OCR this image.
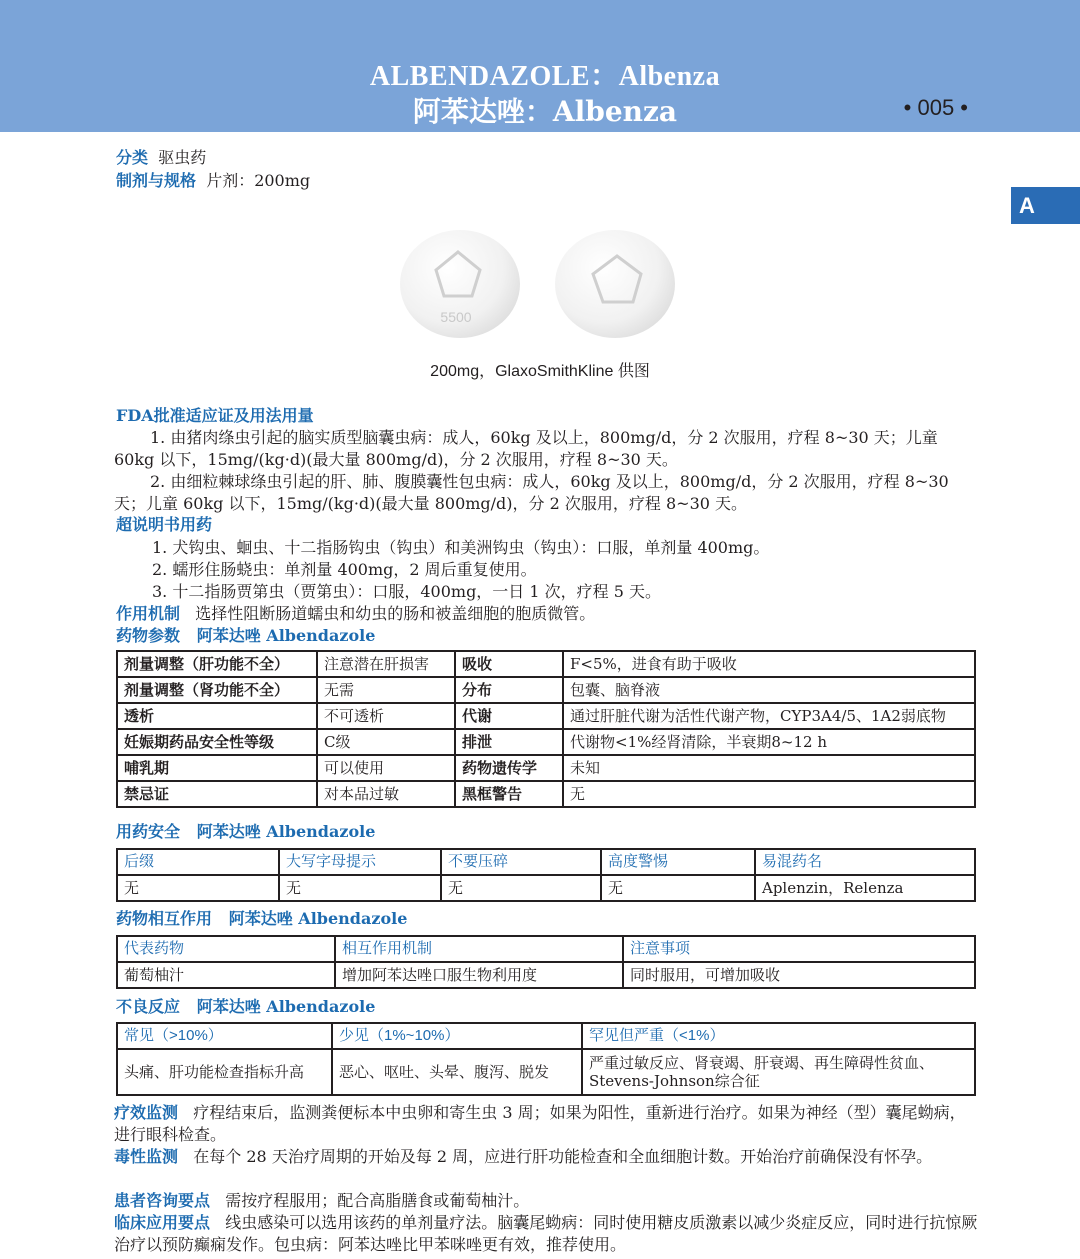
ALBENDAZOLE：Albenza
阿苯达唑：Albenza	• 005 •
A
分类 驱虫药
制剂与规格 片剂：200mg
5500
200mg，GlaxoSmithKline 供图
FDA批准适应证及用法用量
1. 由猪肉绦虫引起的脑实质型脑囊虫病：成人，60kg 及以上，800mg/d，分 2 次服用，疗程 8~30 天；儿童 60kg 以下，15mg/(kg·d)(最大量 800mg/d)，分 2 次服用，疗程 8~30 天。
2. 由细粒棘球绦虫引起的肝、肺、腹膜囊性包虫病：成人，60kg 及以上，800mg/d，分 2 次服用，疗程 8~30 天；儿童 60kg 以下，15mg/(kg·d)(最大量 800mg/d)，分 2 次服用，疗程 8~30 天。
超说明书用药
1. 犬钩虫、蛔虫、十二指肠钩虫（钩虫）和美洲钩虫（钩虫）：口服，单剂量 400mg。
2. 蠕形住肠蛲虫：单剂量 400mg，2 周后重复使用。
3. 十二指肠贾第虫（贾第虫）：口服，400mg，一日 1 次，疗程 5 天。
作用机制 选择性阻断肠道蠕虫和幼虫的肠和被盖细胞的胞质微管。
药物参数 阿苯达唑 Albendazole
剂量调整（肝功能不全）	注意潜在肝损害	吸收	F<5%，进食有助于吸收
剂量调整（肾功能不全）	无需	分布	包囊、脑脊液
透析	不可透析	代谢	通过肝脏代谢为活性代谢产物，CYP3A4/5、1A2弱底物
妊娠期药品安全性等级	C级	排泄	代谢物<1%经肾清除，半衰期8~12 h
哺乳期	可以使用	药物遗传学	未知
禁忌证	对本品过敏	黑框警告	无
用药安全 阿苯达唑 Albendazole
后缀	大写字母提示	不要压碎	高度警惕	易混药名
无	无	无	无	Aplenzin，Relenza
药物相互作用 阿苯达唑 Albendazole
代表药物	相互作用机制	注意事项
葡萄柚汁	增加阿苯达唑口服生物利用度	同时服用，可增加吸收
不良反应 阿苯达唑 Albendazole
常见（>10%）	少见（1%~10%）	罕见但严重（<1%）
头痛、肝功能检查指标升高	恶心、呕吐、头晕、腹泻、脱发	严重过敏反应、肾衰竭、肝衰竭、再生障碍性贫血、
Stevens-Johnson综合征
疗效监测 疗程结束后，监测粪便标本中虫卵和寄生虫 3 周；如果为阳性，重新进行治疗。如果为神经（型）囊尾蚴病，进行眼科检查。
毒性监测 在每个 28 天治疗周期的开始及每 2 周，应进行肝功能检查和全血细胞计数。开始治疗前确保没有怀孕。
患者咨询要点 需按疗程服用；配合高脂膳食或葡萄柚汁。
临床应用要点 线虫感染可以选用该药的单剂量疗法。脑囊尾蚴病：同时使用糖皮质激素以减少炎症反应，同时进行抗惊厥治疗以预防癫痫发作。包虫病：阿苯达唑比甲苯咪唑更有效，推荐使用。
